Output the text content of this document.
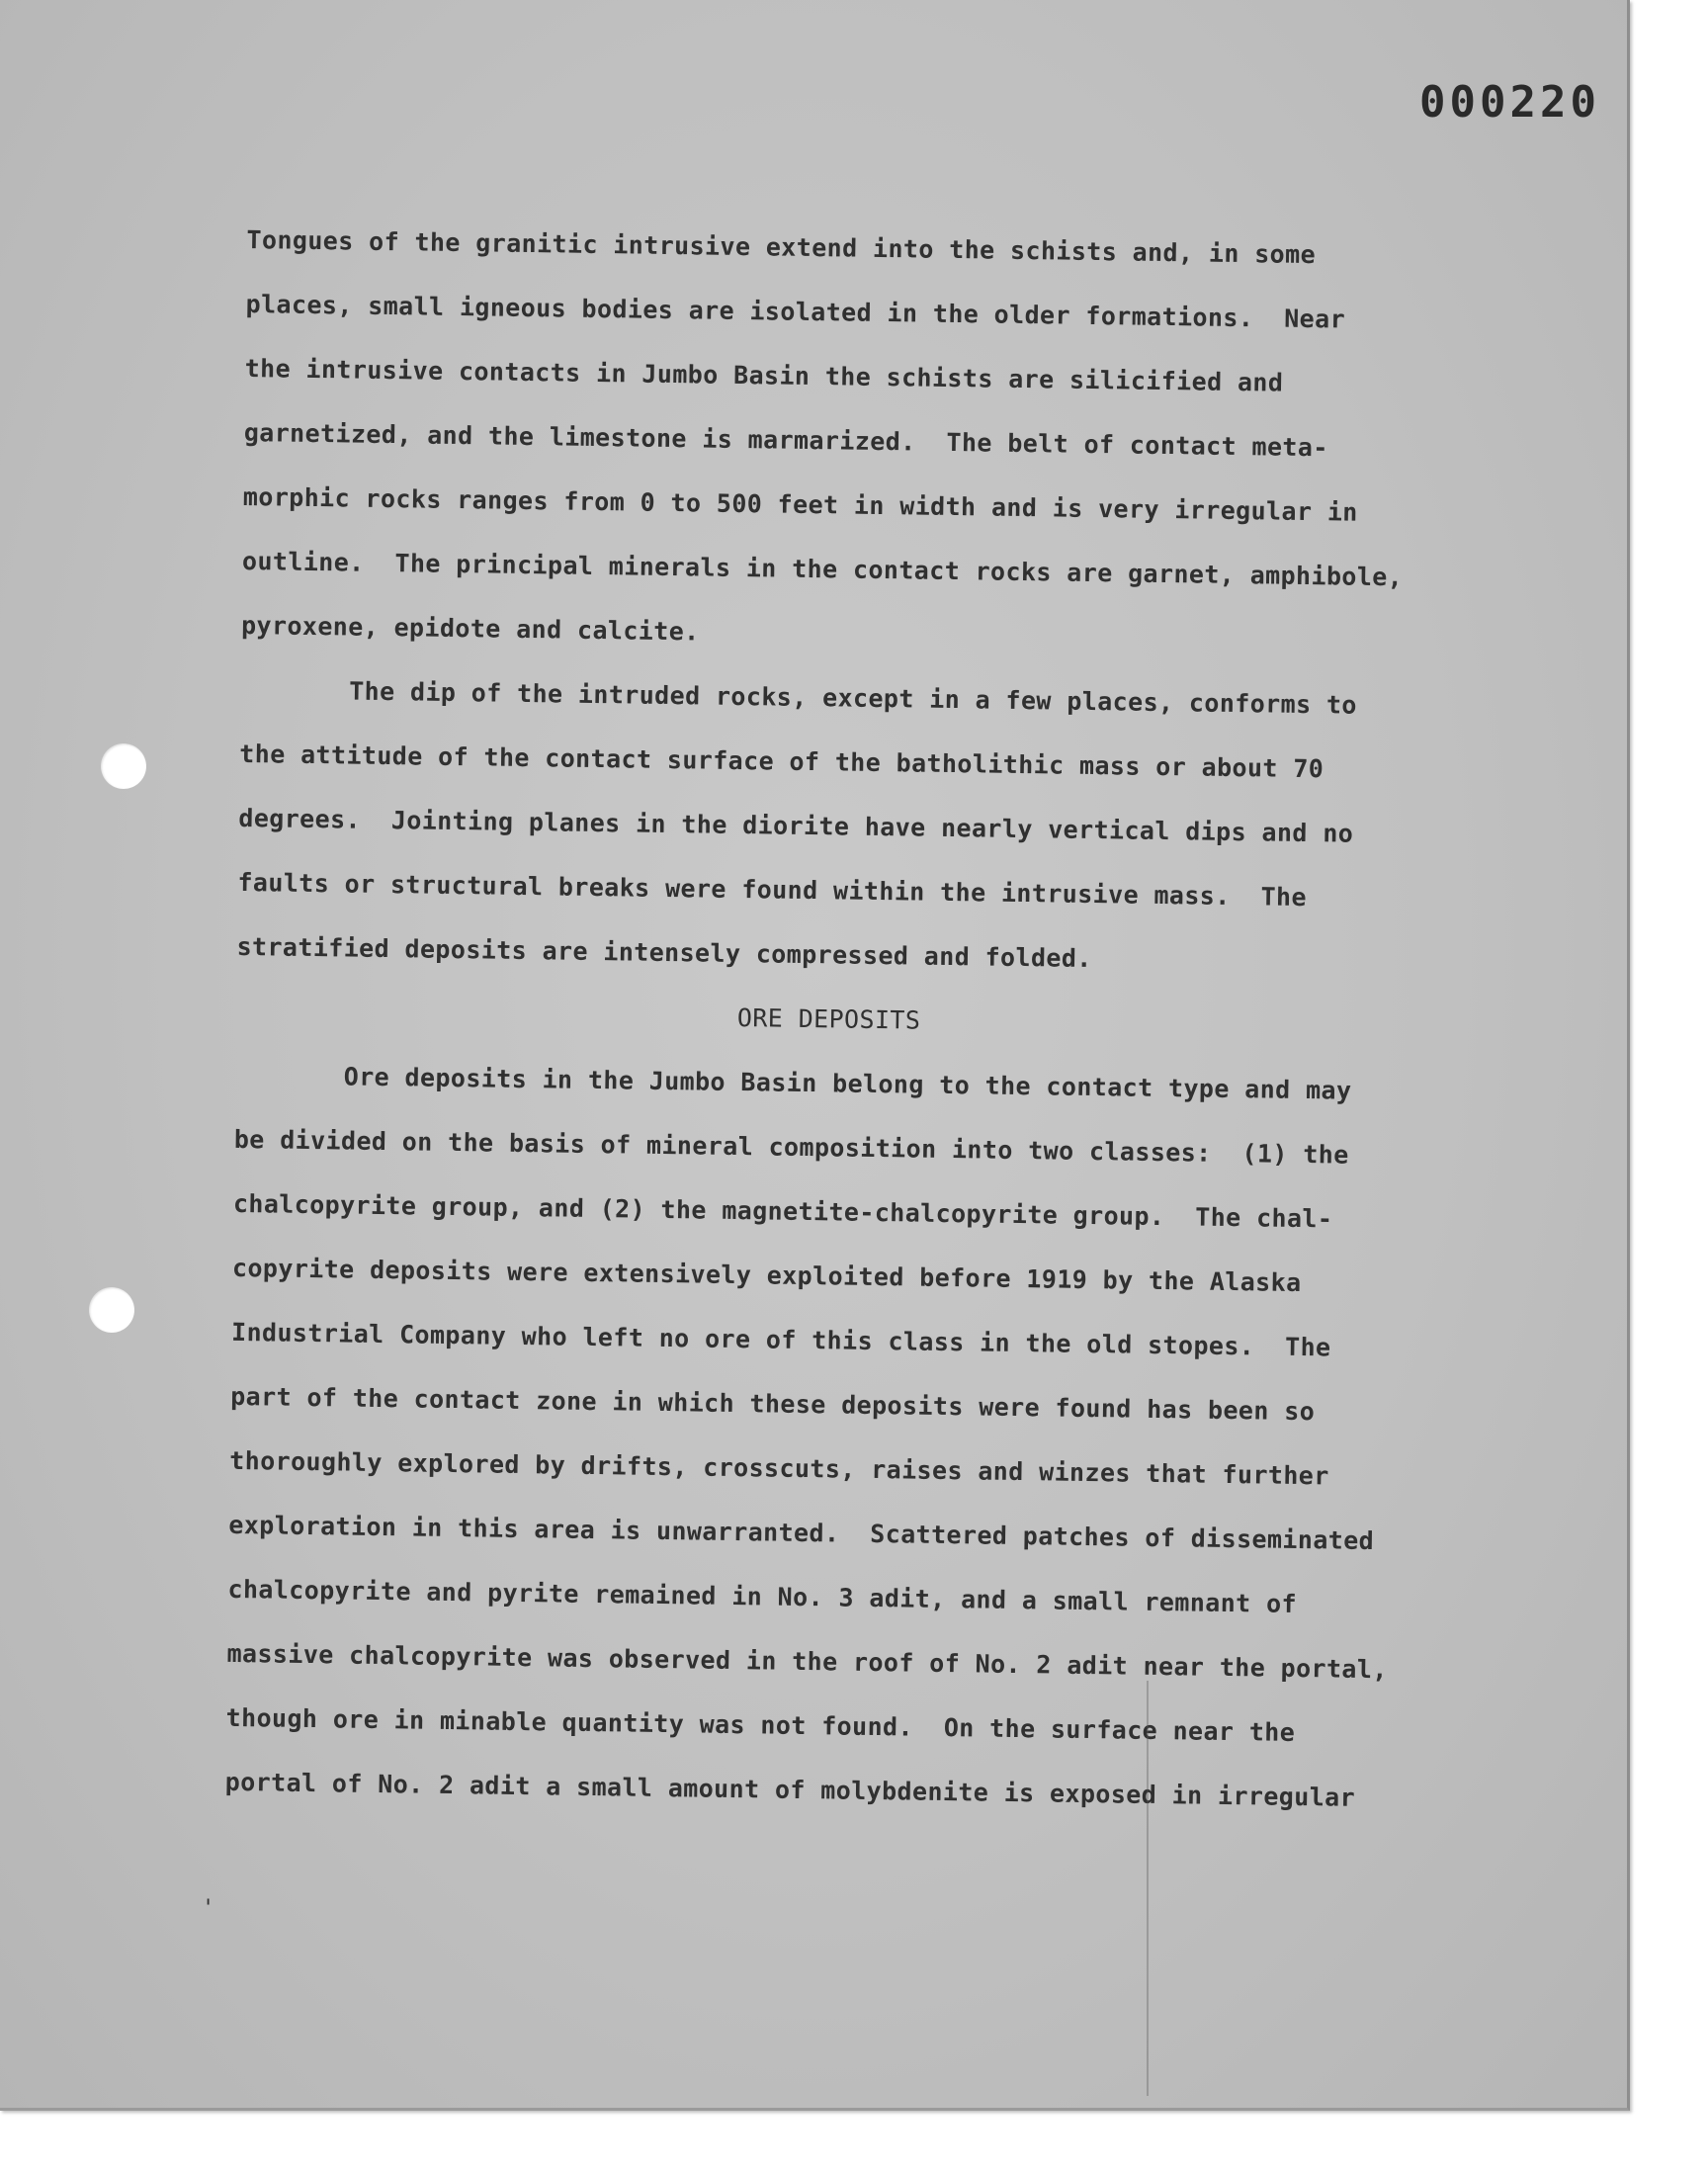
000220
Tongues of the granitic intrusive extend into the schists and, in some
places, small igneous bodies are isolated in the older formations.  Near
the intrusive contacts in Jumbo Basin the schists are silicified and
garnetized, and the limestone is marmarized.  The belt of contact meta-
morphic rocks ranges from 0 to 500 feet in width and is very irregular in
outline.  The principal minerals in the contact rocks are garnet, amphibole,
pyroxene, epidote and calcite.
The dip of the intruded rocks, except in a few places, conforms to
the attitude of the contact surface of the batholithic mass or about 70
degrees.  Jointing planes in the diorite have nearly vertical dips and no
faults or structural breaks were found within the intrusive mass.  The
stratified deposits are intensely compressed and folded.
ORE DEPOSITS
Ore deposits in the Jumbo Basin belong to the contact type and may
be divided on the basis of mineral composition into two classes:  (1) the
chalcopyrite group, and (2) the magnetite-chalcopyrite group.  The chal-
copyrite deposits were extensively exploited before 1919 by the Alaska
Industrial Company who left no ore of this class in the old stopes.  The
part of the contact zone in which these deposits were found has been so
thoroughly explored by drifts, crosscuts, raises and winzes that further
exploration in this area is unwarranted.  Scattered patches of disseminated
chalcopyrite and pyrite remained in No. 3 adit, and a small remnant of
massive chalcopyrite was observed in the roof of No. 2 adit near the portal,
though ore in minable quantity was not found.  On the surface near the
portal of No. 2 adit a small amount of molybdenite is exposed in irregular
'
